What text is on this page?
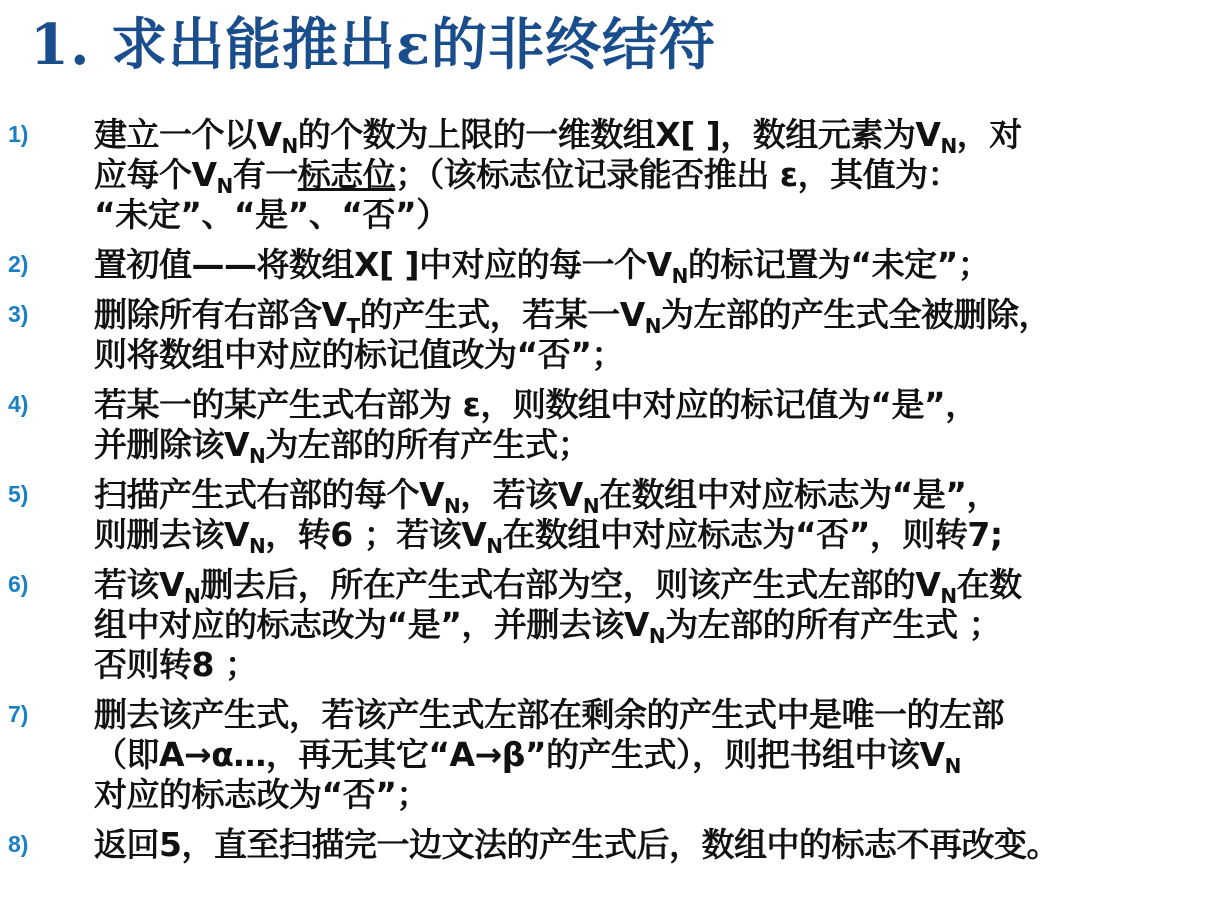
1. 求出能推出ε的非终结符
1) 建立一个以$V_N$的个数为上限的一维数组X[ ]，数组元素为$V_N$，对
应每个$V_N$有一标志位；（该标志位记录能否推出 ε，其值为：
“未定”、“是”、“否”）
2) 置初值——将数组X[ ]中对应的每一个$V_N$的标记置为“未定”；
3) 删除所有右部含$V_T$的产生式，若某一$V_N$为左部的产生式全被删除，
则将数组中对应的标记值改为“否”；
4) 若某一的某产生式右部为 ε，则数组中对应的标记值为“是”，
并删除该$V_N$为左部的所有产生式；
5) 扫描产生式右部的每个$V_N$，若该$V_N$在数组中对应标志为“是”，
则删去该$V_N$，转6 ；若该$V_N$在数组中对应标志为“否”，则转7;
6) 若该$V_N$删去后，所在产生式右部为空，则该产生式左部的$V_N$在数
组中对应的标志改为“是”，并删去该$V_N$为左部的所有产生式 ；
否则转8 ；
7) 删去该产生式，若该产生式左部在剩余的产生式中是唯一的左部
（即A→α…，再无其它“A→β”的产生式），则把书组中该$V_N$
对应的标志改为“否”；
8) 返回5，直至扫描完一边文法的产生式后，数组中的标志不再改变。
